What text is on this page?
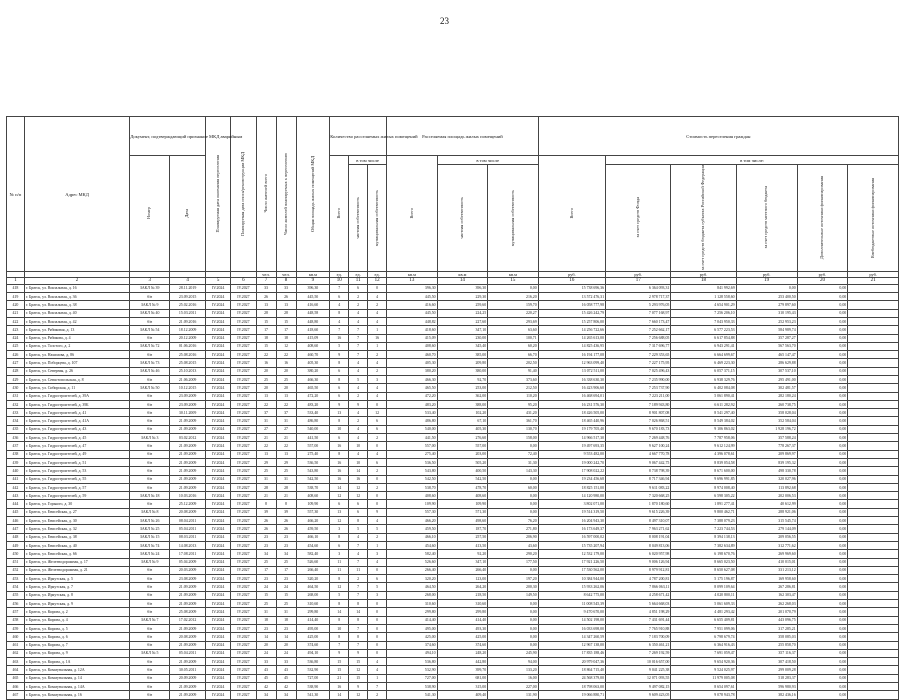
23
№ п/п	Адрес МКД	Документ, подтверждающий признание МКД аварийным		Планируемая дата окончания переселения	Планируемая дата сноса/реконструкции МКД	Число жителей всего	Число жителей планируемых к переселению	Общая площадь жилых помещений МКД	Количество расселяемых жилых помещений			Расселяемая площадь жилых помещений			Стоимость переселения граждан					
		Номер	Дата						Всего	в том числе		Всего	в том числе		Всего	в том числе:				
										частная собственность	муниципальная собственность		частная собственность	муниципальная собственность		за счет средств Фонда	за счет средств бюджета субъекта Российской Федерации	за счет средств местного бюджета	Дополнительные источники финансирования	Внебюджетные источники финансирования
						чел.	чел.	кв.м	ед.	ед.	ед.	кв.м	кв.м	кв.м	руб.	руб.	руб.	руб.	руб.	руб.
1	2	3	4	5	6	7	8	9	10	11	12	13	14	15	16	17	18	19	20	21
418	г. Братск, ул. Вокзальная, д. 16	ЗАКЛ № 39	28.11.2019	IV.2024	IV.2027	33	33	396,30	7	6	0	396,30	396,30	0,00	15 738 696,36	6 364 093,31	841 992,69	0,00	0,00	
419	г. Братск, ул. Вокзальная, д. 36	б/н	23.09.2015	IV.2024	IV.2027	26	26	445,50	6	2	4	445,50	229,30	216,20	13 572 476,31	2 978 717,37	1 128 558,60	253 400,50	0,00	
420	г. Братск, ул. Вокзальная, д. 38	ЗАКЛ № 9	25.02.2016	IV.2024	IV.2027	13	13	416,60	4	2	2	416,60	259,60	159,70	16 058 777,98	5 293 976,05	4 654 901,29	279 897,60	0,00	
421	г. Братск, ул. Вокзальная, д. 40	ЗАКЛ № 40	15.03.2011	IV.2024	IV.2027	28	28	448,58	8	4	4	445,50	224,25	220,27	15 426 242,79	7 077 168,97	7 256 206,10	310 195,43	0,00	
422	г. Братск, ул. Вокзальная, д. 42	б/н	21.09.2016	IV.2024	IV.2027	15	15	448,80	4	4	4	448,82	227,60	293,69	15 257 806,00	7 660 173,47	7 043 950,33	252 953,23	0,00	
423	г. Братск, ул. Рябиковая, д. 13	ЗАКЛ № 54	18.12.2009	IV.2024	IV.2027	17	17	418,60	7	7	1	418,60	347,10	63,60	14 256 722,66	7 252 662,17	6 577 223,53	584 989,74	0,00	
424	г. Братск, ул. Рябикова, д. 4	б/н	20.12.2009	IV.2024	IV.2027	18	18	415,09	16	7	16	415,09	230,00	100,71	14 265 613,00	7 256 688,05	6 617 854,88	357 287,27	0,00	
425	г. Братск, ул. Толстого, д. 2	ЗАКЛ № 72	01.06.2016	IV.2024	IV.2027	15	12	408,60	5	7	1	408,60	345,40	60,20	14 825 436,95	7 317 696,77	6 943 291,41	567 563,70	0,00	
426	г. Братск, ул. Нахимова, д. 86	б/н	25.08.2016	IV.2024	IV.2027	22	22	460,70	9	7	2	460,70	385,00	66,70	16 194 177,08	7 229 353,65	6 664 699,67	465 147,47	0,00	
427	г. Братск, ул. Поборцева, д. 107	ЗАКЛ № 73	25.08.2015	IV.2024	IV.2027	16	16	405,30	8	4	4	405,30	209,80	202,50	12 963 099,40	7 227 175,95	6 469 223,30	286 629,88	0,00	
428	г. Братск, ул. Северная, д. 26	ЗАКЛ № 46	25.10.2013	IV.2024	IV.2027	20	20	380,20	6	4	2	380,20	380,00	91,40	13 072 511,00	7 025 496,43	6 057 371,15	307 537,10	0,00	
429	г. Братск, ул. Севастопольская, д. 8	б/н	21.06.2009	IV.2024	IV.2027	25	25	466,30	8	5	3	466,30	92,70	373,60	16 338 630,30	7 235 990,00	6 938 329,76	295 491,00	0,00	
430	г. Братск, ул. Сибирская, д. 11	ЗАКЛ № 50	10.12.2015	IV.2024	IV.2027	20	20	465,50	6	4	4	465,50	253,00	212,50	16 423 906,60	7 253 737,90	6 402 084,08	302 481,57	0,00	
431	г. Братск, ул. Гидростроителей, д. 39А	б/н	23.09.2009	IV.2024	IV.2027	13	13	472,20	6	2	4	472,20	362,00	110,20	16 468 694,01	7 223 211,00	5 061 890,41	282 180,24	0,00	
432	г. Братск, ул. Гидростроителей, д. 39Б	б/н	23.09.2009	IV.2024	IV.2027	22	22	483,20	9	9	0	483,20	388,00	95,20	16 231 576,30	7 189 943,80	6 611 282,92	260 738,75	0,00	
433	г. Братск, ул. Гидростроителей, д. 41	б/н	30.11.2009	IV.2024	IV.2027	37	37	533,40	13	4	12	533,40	102,20	431,20	18 426 505,00	8 901 807,08	8 541 297,40	358 028,04	0,00	
434	г. Братск, ул. Гидростроителей, д. 41А	б/н	21.09.2009	IV.2024	IV.2027	31	31	486,80	8	2	6	486,80	67,10	361,70	18 465 440,96	7 026 868,51	8 549 384,02	352 584,04	0,00	
435	г. Братск, ул. Гидростроителей, д. 43	б/н	21.09.2009	IV.2024	IV.2027	27	27	540,00	10	4	6	540,00	405,30	130,70	19 179 705,40	9 670 183,73	9 106 863,02	1 928 196,72	0,00	
436	г. Братск, ул. Гидростроителей, д. 45	ЗАКЛ № 3	03.02.2012	IV.2024	IV.2027	21	21	441,50	6	4	2	441,50	276,60	158,00	14 966 517,30	7 269 448,76	7 787 958,06	357 588,24	0,00	
437	г. Братск, ул. Гидростроителей, д. 47	б/н	21.09.2009	IV.2024	IV.2027	22	22	557,00	16	10	0	557,00	557,00	0,00	19 497 693,35	9 627 100,24	9 612 124,99	778 267,37	0,00	
438	г. Братск, ул. Гидростроителей, д. 49	б/н	21.09.2009	IV.2024	IV.2027	13	13	275,40	8	4	4	275,40	203,00	72,40	9 553 482,00	4 667 770,78	4 396 078,61	209 869,97	0,00	
439	г. Братск, ул. Гидростроителей, д. 51	б/н	21.09.2009	IV.2024	IV.2027	29	29	536,50	16	10	6	536,50	505,20	31,30	19 000 242,70	9 067 442,75	8 839 054,58	839 195,32	0,00	
440	г. Братск, ул. Гидростроителей, д. 53	б/н	21.09.2009	IV.2024	IV.2027	25	25	543,80	16	14	2	543,80	400,50	143,30	17 908 022,22	8 738 798,39	8 671 600,00	498 330,78	0,00	
441	г. Братск, ул. Гидростроителей, д. 55	б/н	21.09.2009	IV.2024	IV.2027	31	31	542,50	16	16	0	542,50	542,50	0,00	19 234 456,68	8 717 346,94	9 696 991,85	320 027,96	0,00	
442	г. Братск, ул. Гидростроителей, д. 57	б/н	21.09.2009	IV.2024	IV.2027	28	28	538,70	14	12	2	538,70	478,70	60,00	18 825 151,00	9 611 083,22	8 974 008,40	113 892,68	0,00	
443	г. Братск, ул. Гидростроителей, д. 59	ЗАКЛ № 18	10.03.2016	IV.2024	IV.2027	21	21	408,60	12	12	0	408,60	408,60	0,00	14 120 980,00	7 320 668,25	6 598 305,22	202 006,53	0,00	
444	г. Братск, ул. Горького, д. 30	б/н	25.12.2009	IV.2024	IV.2027	8	8	109,90	6	6	0	109,90	109,90	0,00	3 802 071,00	1 870 180,60	1 891 277,41	40 612,99	0,00	
445	г. Братск, ул. Енисейская, д. 27	ЗАКЛ № 8	20.08.2009	IV.2024	IV.2027	39	39	557,30	13	6	9	557,30	571,30	0,00	19 514 319,50	9 615 226,39	9 800 462,71	288 921,06	0,00	
446	г. Братск, ул. Енисейская, д. 30	ЗАКЛ № 26	08.04.2011	IV.2024	IV.2027	26	26	466,20	12	8	4	466,20	498,60	76,20	16 204 943,30	8 497 310,07	7 388 079,23	315 545,74	0,00	
447	г. Братск, ул. Енисейская, д. 32	ЗАКЛ № 25	05.04.2011	IV.2024	IV.2027	26	26	459,50	3	5	5	459,50	187,70	271,80	16 173 649,37	7 963 271,62	7 223 744,53	279 144,09	0,00	
448	г. Братск, ул. Енисейская, д. 38	ЗАКЛ № 15	08.03.2011	IV.2024	IV.2027	23	23	466,10	8	4	2	466,10	257,50	206,90	16 597 000,02	8 008 191,04	8 394 138,13	209 056,55	0,00	
449	г. Братск, ул. Енисейская, д. 40	ЗАКЛ № 74	14.08.2013	IV.2024	IV.2027	23	23	454,60	6	7	1	454,60	413,50	43,60	15 735 207,94	8 049 813,06	7 382 634,89	312 771,62	0,00	
450	г. Братск, ул. Енисейская, д. 66	ЗАКЛ № 24	17.08.2011	IV.2024	IV.2027	34	34	582,40	3	4	3	582,40	92,20	290,20	12 532 179,00	6 020 957,98	6 198 670,76	269 969,60	0,00	
451	г. Братск, ул. Железнодорожная, д. 17	ЗАКЛ № 9	05.04.2009	IV.2024	IV.2027	25	25	526,60	11	7	4	526,60	347,10	177,50	17 921 226,50	9 006 126,94	8 665 023,50	410 015,01	0,00	
452	г. Братск, ул. Железнодорожная, д. 21	б/н	20.03.2009	IV.2024	IV.2027	17	17	266,40	11	11	0	266,40	266,40	0,00	17 530 562,00	8 979 912,81	8 650 627,08	331 213,12	0,00	
453	г. Братск, ул. Иркутская, д. 5	б/н	23.08.2009	IV.2024	IV.2027	23	23	320,20	8	2	6	320,20	123,00	197,20	10 384 944,00	4 787 200,81	5 175 196,87	169 958,60	0,00	
454	г. Братск, ул. Иркутская, д. 7	б/н	21.09.2009	IV.2024	IV.2027	24	24	464,50	12	7	5	464,50	264,20	200,30	15 933 262,06	7 866 063,11	8 099 109,64	267 286,81	0,00	
455	г. Братск, ул. Иркутская, д. 8	б/н	21.09.2009	IV.2024	IV.2027	15	15	268,00	5	7	3	268,00	218,50	149,50	8 642 775,00	4 258 671,42	4 020 800,11	162 303,47	0,00	
456	г. Братск, ул. Иркутская, д. 9	б/н	21.09.2009	IV.2024	IV.2027	25	25	310,60	8	8	0	310,60	310,60	0,00	11 008 545,39	5 664 668,03	5 061 609,33	262 268,03	0,00	
457	г. Братск, ул. Кирова, д. 2	б/н	25.08.2009	IV.2024	IV.2027	31	31	299,80	14	14	0	299,80	299,80	0,00	9 470 670,00	4 851 198,29	4 481 293,42	201 070,79	0,00	
458	г. Братск, ул. Кирова, д. 4	ЗАКЛ № 7	17.02.2012	IV.2024	IV.2027	18	18	414,40	8	8	0	414,40	414,40	0,00	14 502 198,00	7 431 691,44	6 655 409,81	443 096,75	0,00	
459	г. Братск, ул. Кирова, д. 5	б/н	21.09.2009	IV.2024	IV.2027	23	23	495,00	10	7	0	495,00	493,30	0,00	16 033 698,00	7 765 910,88	7 951 099,06	317 285,21	0,00	
460	г. Братск, ул. Кирова, д. 6	б/н	20.08.2009	IV.2024	IV.2027	14	14	425,00	8	8	0	425,00	425,00	0,00	14 347 260,59	7 183 700,09	6 798 679,74	358 085,03	0,00	
461	г. Братск, ул. Кирова, д. 7	б/н	21.09.2009	IV.2024	IV.2027	20	20	374,60	7	7	0	374,60	374,60	0,00	12 967 138,00	6 350 461,21	6 364 916,43	255 858,70	0,00	
462	г. Братск, ул. Кирова, д. 9	ЗАКЛ № 5	05.04.2011	IV.2024	IV.2027	24	24	494,10	9	9	0	494,10	248,20	245,90	17 835 188,46	7 269 192,59	7 691 059,47	357 116,37	0,00	
463	г. Братск, ул. Кирова, д. 1А	б/н	21.09.2009	IV.2024	IV.2027	33	33	536,80	15	15	4	536,80	442,80	94,00	20 979 047,36	10 016 657,00	9 654 920,36	307 418,50	0,00	
464	г. Братск, ул. Коммунальная, д. 12А	б/н	30.05.2011	IV.2024	IV.2027	43	43	532,90	15	12	4	532,90	399,70	133,20	18 864 715,40	9 041 225,38	9 524 025,97	299 009,28	0,00	
465	г. Братск, ул. Коммунальная, д. 14	б/н	20.09.2009	IV.2024	IV.2027	45	45	727,00	21	15	1	727,00	681,00	16,00	24 568 379,00	12 071 093,55	11 979 005,08	518 283,37	0,00	
466	г. Братск, ул. Коммунальная, д. 14А	б/н	21.09.2009	IV.2024	IV.2027	42	42	538,90	16	9	7	538,90	315,00	227,00	18 798 063,00	9 497 082,15	8 654 097,61	596 980,93	0,00	
467	г. Братск, ул. Коммунальная, д. 16	б/н	21.09.2009	IV.2024	IV.2027	34	34	541,30	14	12	2	541,30	409,40	131,90	19 066 880,71	9 609 423,05	9 078 943,78	382 436,16	0,00	
